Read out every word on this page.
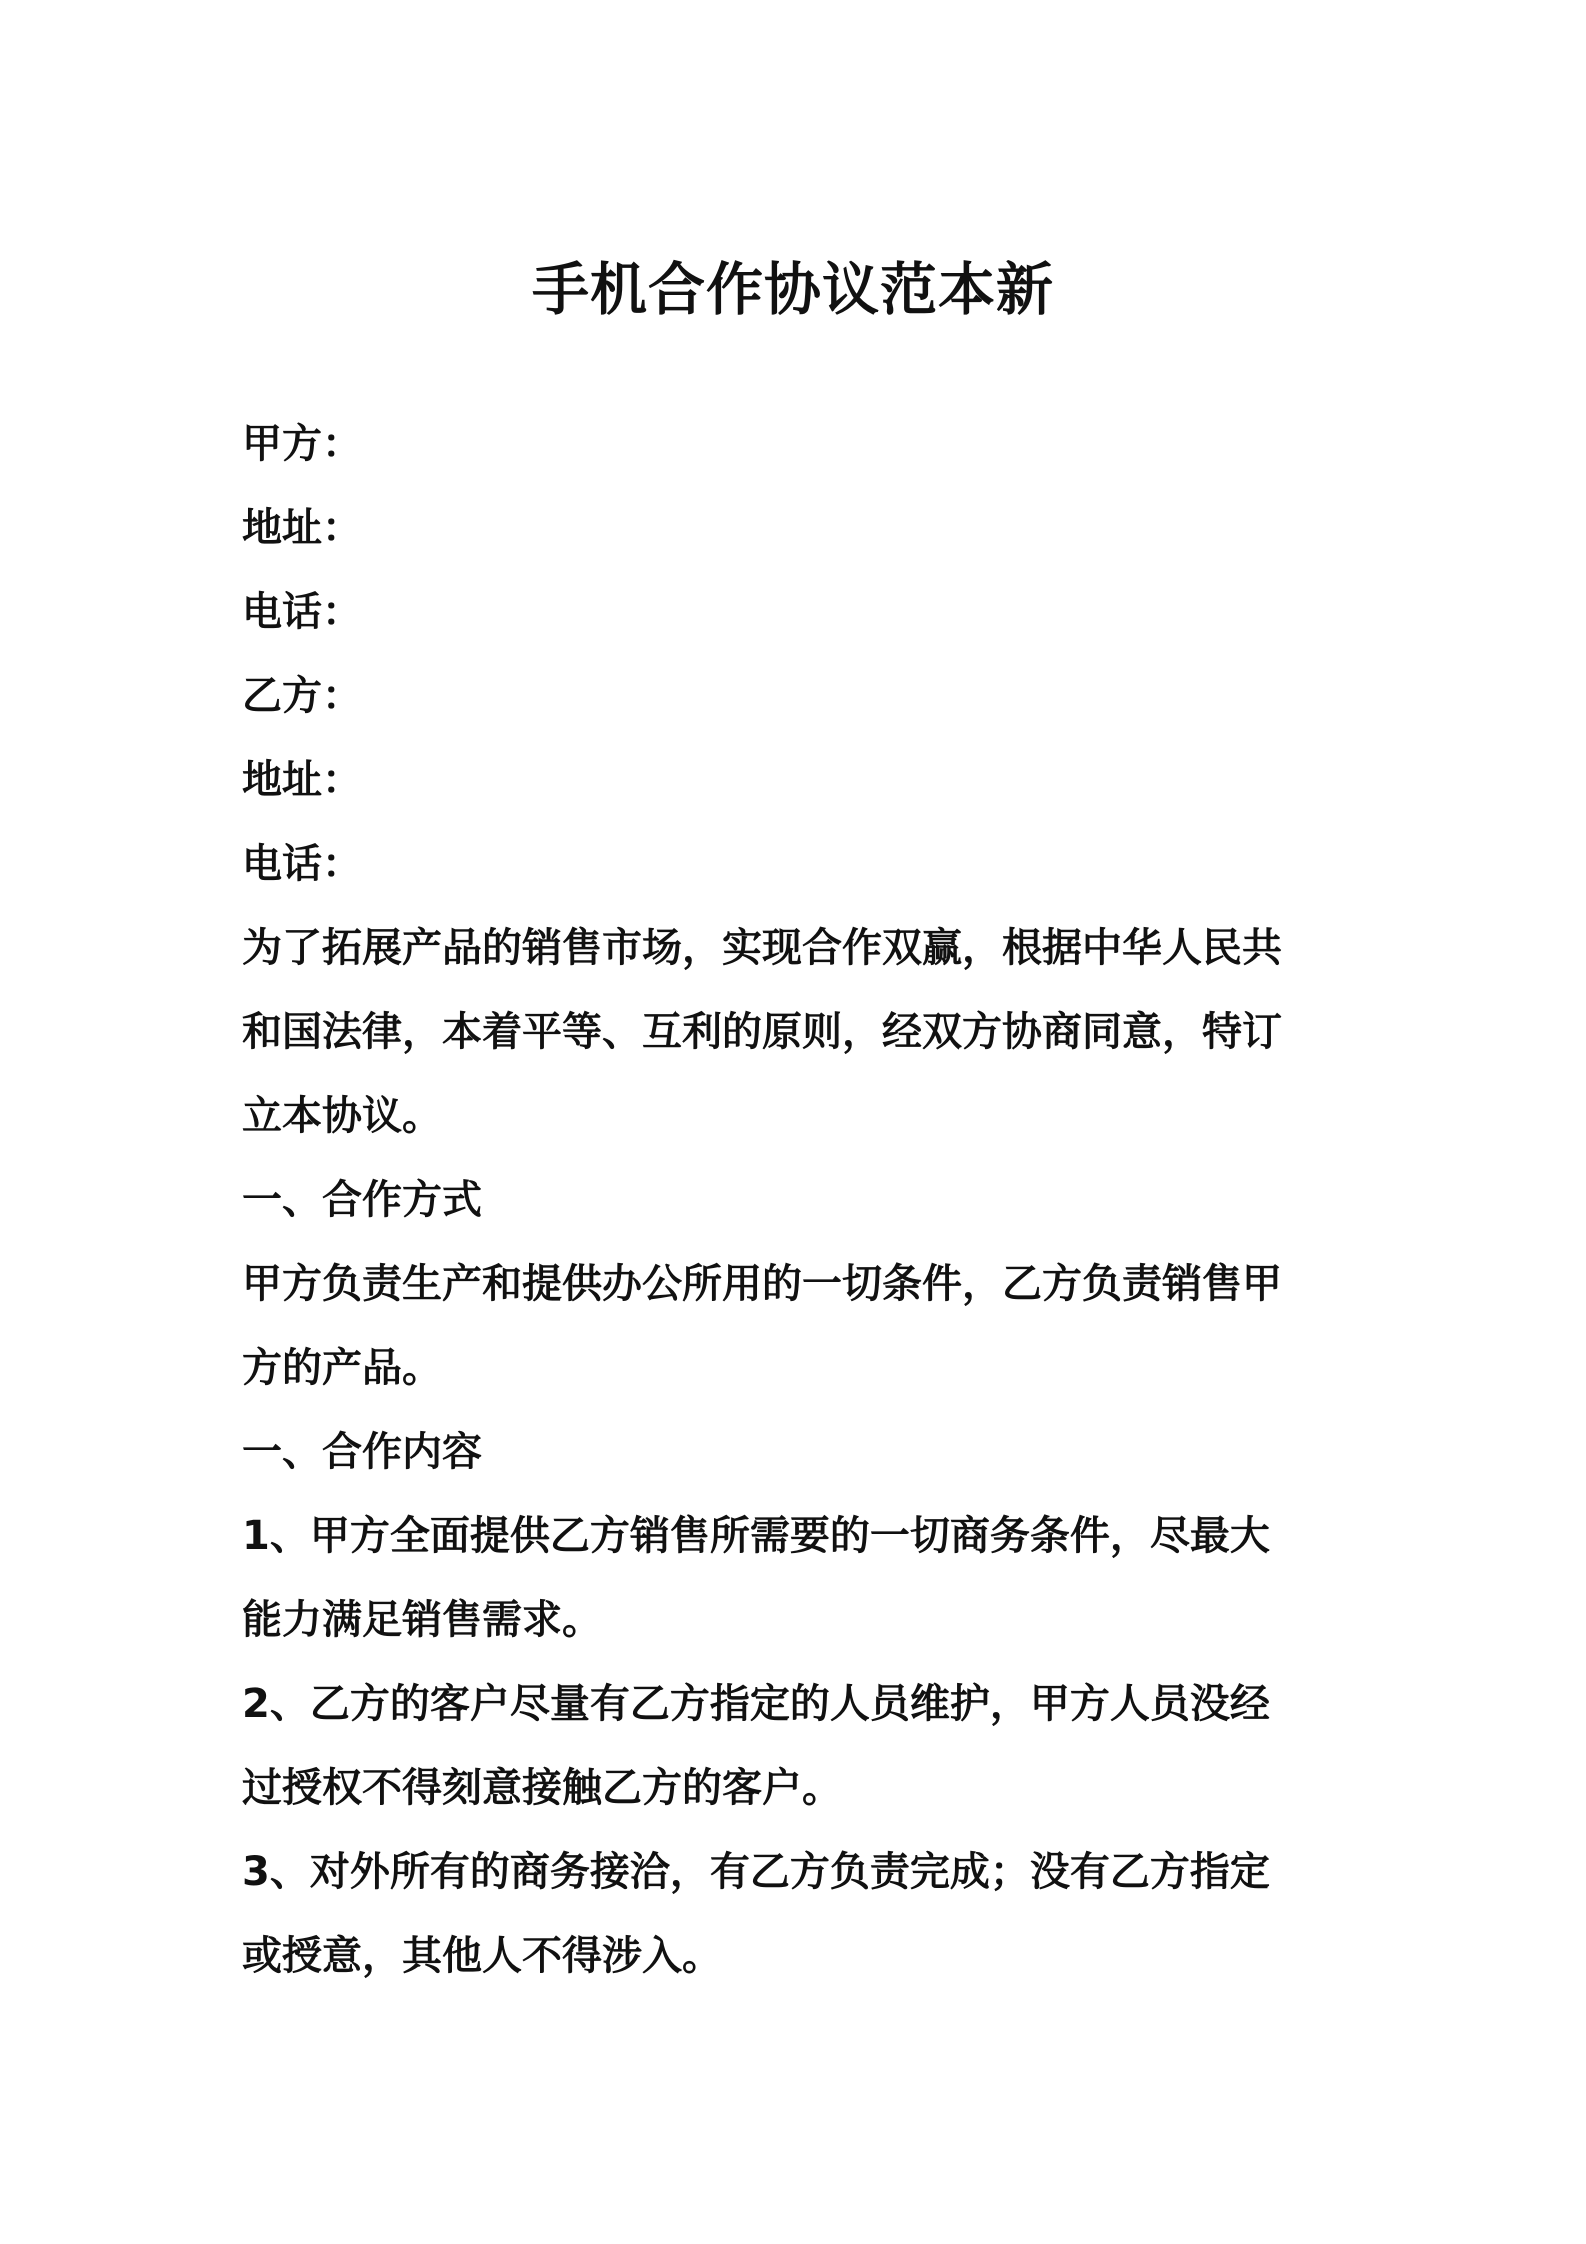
手机合作协议范本新
甲方：
地址：
电话：
乙方：
地址：
电话：
为了拓展产品的销售市场，实现合作双赢，根据中华人民共
和国法律，本着平等、互利的原则，经双方协商同意，特订
立本协议。
一、合作方式
甲方负责生产和提供办公所用的一切条件，乙方负责销售甲
方的产品。
一、合作内容
1、甲方全面提供乙方销售所需要的一切商务条件，尽最大
能力满足销售需求。
2、乙方的客户尽量有乙方指定的人员维护，甲方人员没经
过授权不得刻意接触乙方的客户。
3、对外所有的商务接洽，有乙方负责完成；没有乙方指定
或授意，其他人不得涉入。
